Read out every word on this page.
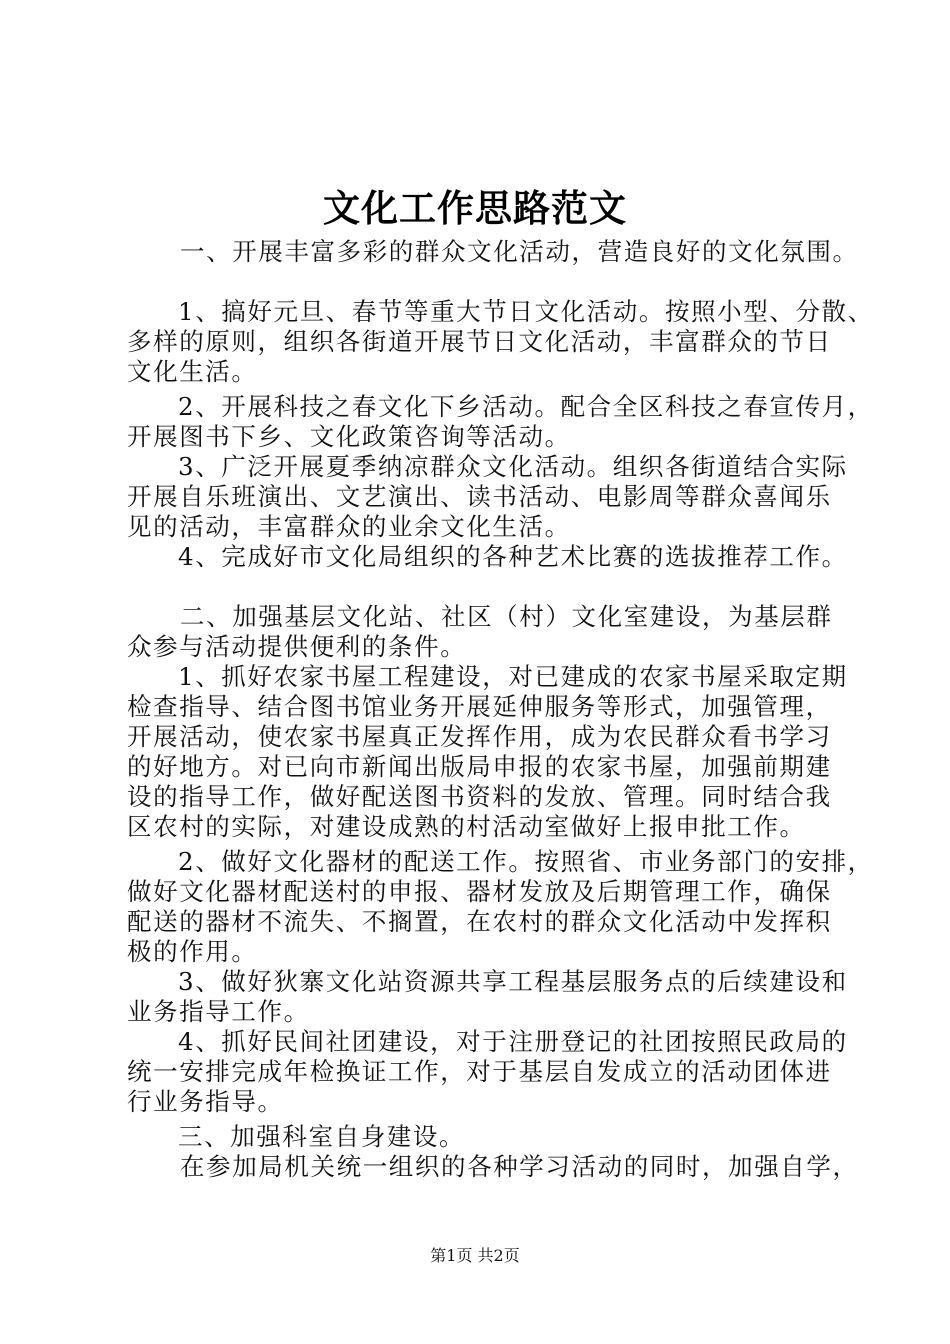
文化工作思路范文
一、开展丰富多彩的群众文化活动，营造良好的文化氛围。
1、搞好元旦、春节等重大节日文化活动。按照小型、分散、
多样的原则，组织各街道开展节日文化活动，丰富群众的节日
文化生活。
2、开展科技之春文化下乡活动。配合全区科技之春宣传月，
开展图书下乡、文化政策咨询等活动。
3、广泛开展夏季纳凉群众文化活动。组织各街道结合实际
开展自乐班演出、文艺演出、读书活动、电影周等群众喜闻乐
见的活动，丰富群众的业余文化生活。
4、完成好市文化局组织的各种艺术比赛的选拔推荐工作。
二、加强基层文化站、社区（村）文化室建设，为基层群
众参与活动提供便利的条件。
1、抓好农家书屋工程建设，对已建成的农家书屋采取定期
检查指导、结合图书馆业务开展延伸服务等形式，加强管理，
开展活动，使农家书屋真正发挥作用，成为农民群众看书学习
的好地方。对已向市新闻出版局申报的农家书屋，加强前期建
设的指导工作，做好配送图书资料的发放、管理。同时结合我
区农村的实际，对建设成熟的村活动室做好上报申批工作。
2、做好文化器材的配送工作。按照省、市业务部门的安排，
做好文化器材配送村的申报、器材发放及后期管理工作，确保
配送的器材不流失、不搁置，在农村的群众文化活动中发挥积
极的作用。
3、做好狄寨文化站资源共享工程基层服务点的后续建设和
业务指导工作。
4、抓好民间社团建设，对于注册登记的社团按照民政局的
统一安排完成年检换证工作，对于基层自发成立的活动团体进
行业务指导。
三、加强科室自身建设。
在参加局机关统一组织的各种学习活动的同时，加强自学，
第1页 共2页
